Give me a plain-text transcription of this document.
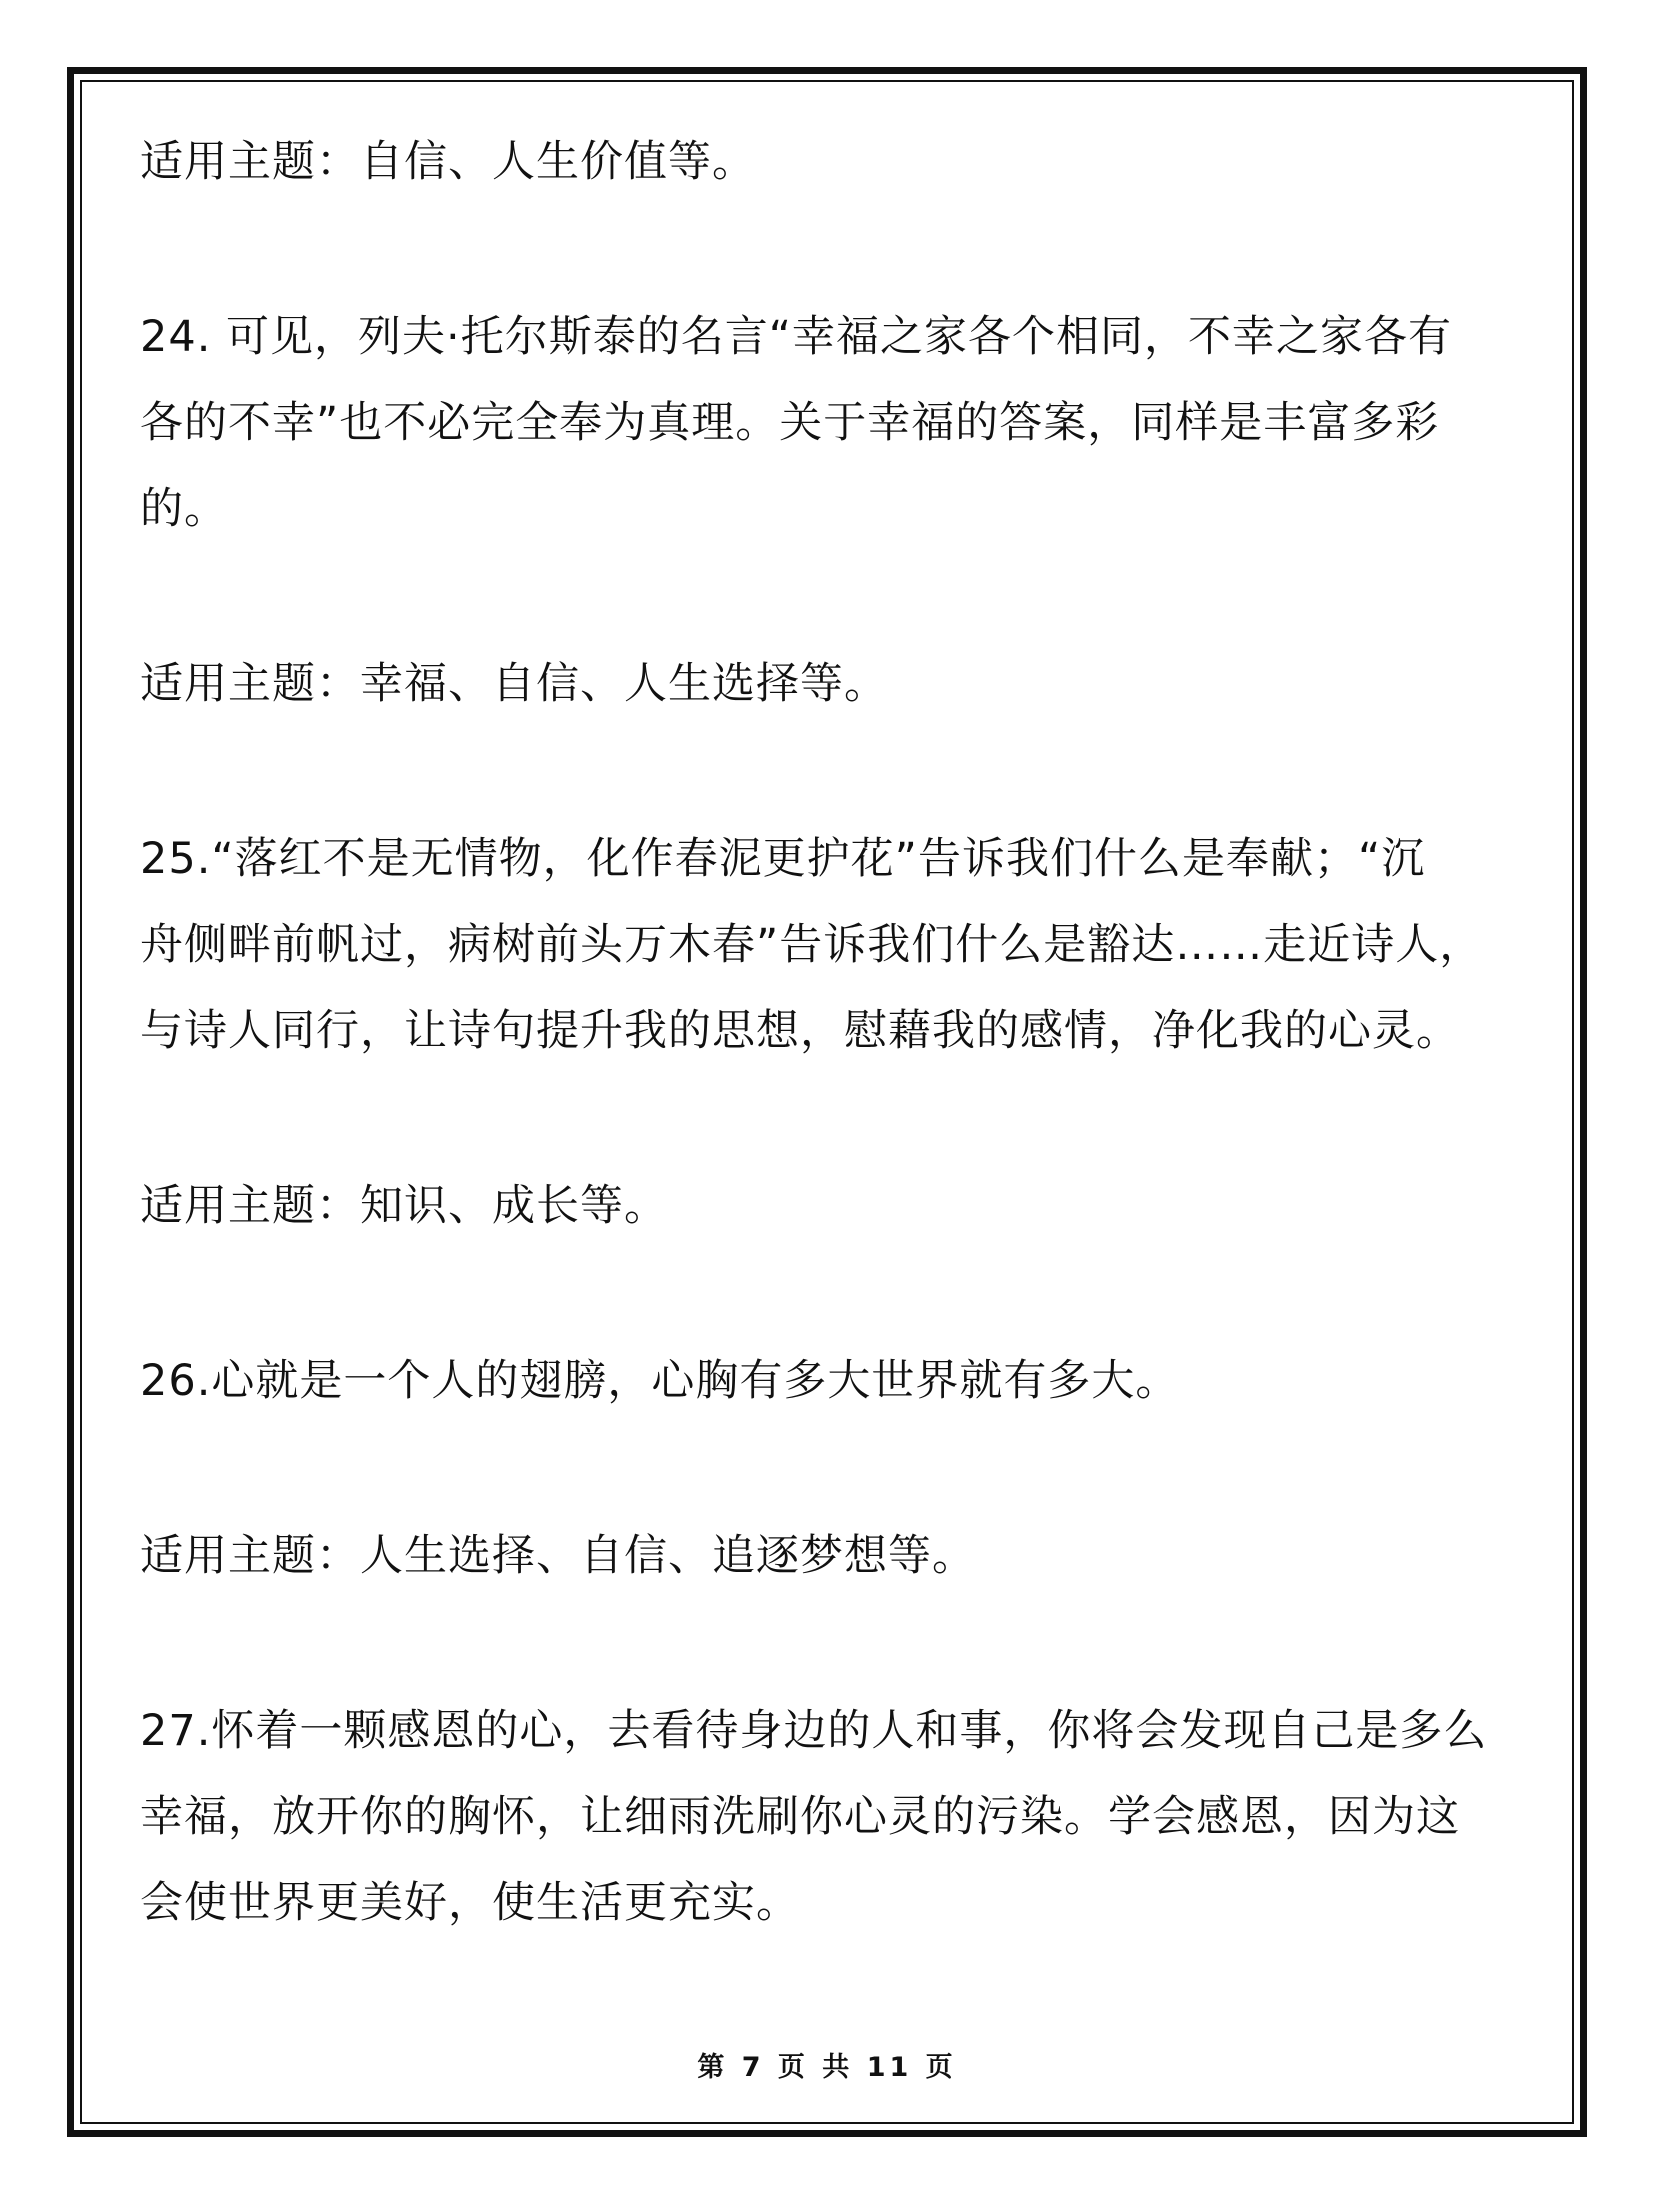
适用主题：自信、人生价值等。
24. 可见，列夫·托尔斯泰的名言“幸福之家各个相同，不幸之家各有
各的不幸”也不必完全奉为真理。关于幸福的答案，同样是丰富多彩
的。
适用主题：幸福、自信、人生选择等。
25.“落红不是无情物，化作春泥更护花”告诉我们什么是奉献；“沉
舟侧畔前帆过，病树前头万木春”告诉我们什么是豁达……走近诗人，
与诗人同行，让诗句提升我的思想，慰藉我的感情，净化我的心灵。
适用主题：知识、成长等。
26.心就是一个人的翅膀，心胸有多大世界就有多大。
适用主题：人生选择、自信、追逐梦想等。
27.怀着一颗感恩的心，去看待身边的人和事，你将会发现自己是多么
幸福，放开你的胸怀，让细雨洗刷你心灵的污染。学会感恩，因为这
会使世界更美好，使生活更充实。
第 7 页 共 11 页
